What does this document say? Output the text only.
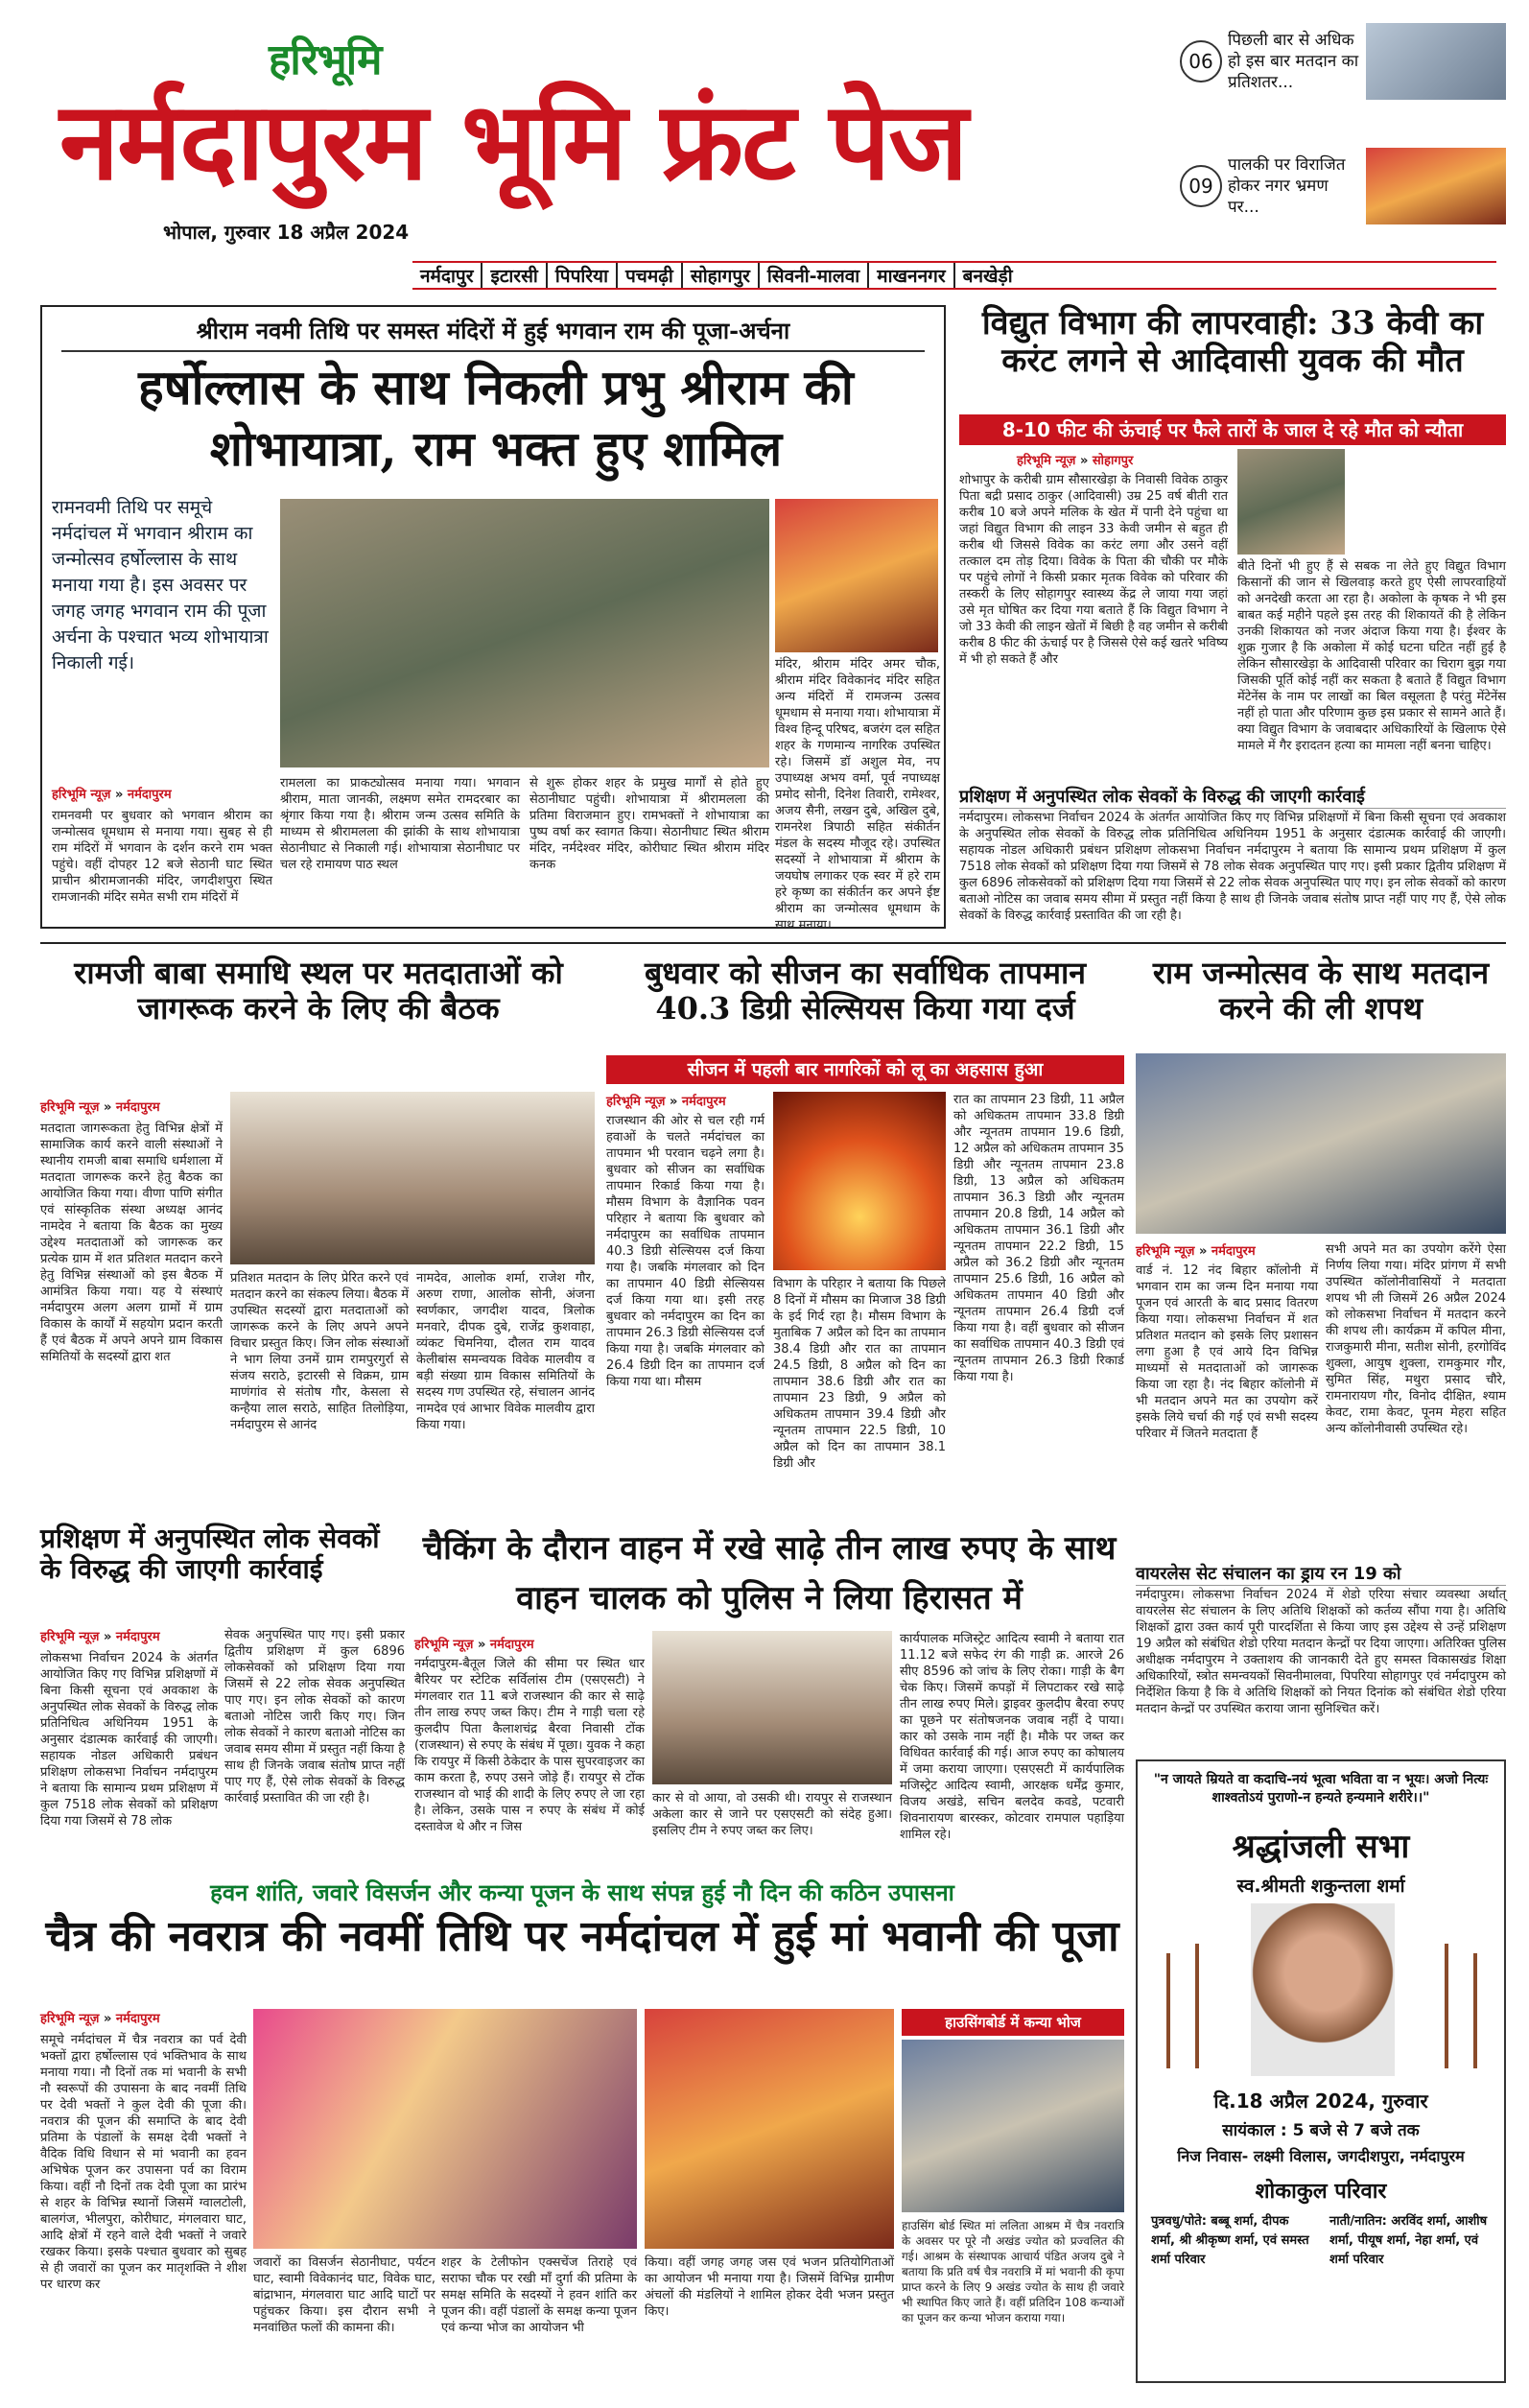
हरिभूमि
नर्मदापुरम भूमि फ्रंट पेज
भोपाल, गुरुवार 18 अप्रैल 2024
नर्मदापुर इटारसी पिपरिया पचमढ़ी सोहागपुर सिवनी-मालवा माखननगर बनखेड़ी
06
पिछली बार से अधिक हो इस बार मतदान का प्रतिशतर...
09
पालकी पर विराजित होकर नगर भ्रमण पर...
श्रीराम नवमी तिथि पर समस्त मंदिरों में हुई भगवान राम की पूजा-अर्चना
हर्षोल्लास के साथ निकली प्रभु श्रीराम की शोभायात्रा, राम भक्त हुए शामिल
रामनवमी तिथि पर समूचे नर्मदांचल में भगवान श्रीराम का जन्मोत्सव हर्षोल्लास के साथ मनाया गया है। इस अवसर पर जगह जगह भगवान राम की पूजा अर्चना के पश्चात भव्य शोभायात्रा निकाली गई।
हरिभूमि न्यूज़ » नर्मदापुरम
रामनवमी पर बुधवार को भगवान श्रीराम का जन्मोत्सव धूमधाम से मनाया गया। सुबह से ही राम मंदिरों में भगवान के दर्शन करने राम भक्त पहुंचे। वहीं दोपहर 12 बजे सेठानी घाट स्थित प्राचीन श्रीरामजानकी मंदिर, जगदीशपुरा स्थित रामजानकी मंदिर समेत सभी राम मंदिरों में
रामलला का प्राकट्योत्सव मनाया गया। भगवान श्रीराम, माता जानकी, लक्ष्मण समेत रामदरबार का श्रृंगार किया गया है। श्रीराम जन्म उत्सव समिति के माध्यम से श्रीरामलला की झांकी के साथ शोभायात्रा सेठानीघाट से निकाली गई। शोभायात्रा सेठानीघाट पर चल रहे रामायण पाठ स्थल
से शुरू होकर शहर के प्रमुख मार्गों से होते हुए सेठानीघाट पहुंची। शोभायात्रा में श्रीरामलला की प्रतिमा विराजमान हुए। रामभक्तों ने शोभायात्रा का पुष्प वर्षा कर स्वागत किया। सेठानीघाट स्थित श्रीराम मंदिर, नर्मदेश्वर मंदिर, कोरीघाट स्थित श्रीराम मंदिर कनक
मंदिर, श्रीराम मंदिर अमर चौक, श्रीराम मंदिर विवेकानंद मंदिर सहित अन्य मंदिरों में रामजन्म उत्सव धूमधाम से मनाया गया। शोभायात्रा में विश्व हिन्दू परिषद, बजरंग दल सहित शहर के गणमान्य नागरिक उपस्थित रहे। जिसमें डॉ अशुल मेव, नप उपाध्यक्ष अभय वर्मा, पूर्व नपाध्यक्ष प्रमोद सोनी, दिनेश तिवारी, रामेश्वर, अजय सैनी, लखन दुबे, अखिल दुबे, रामनरेश त्रिपाठी सहित संकीर्तन मंडल के सदस्य मौजूद रहे। उपस्थित सदस्यों ने शोभायात्रा में श्रीराम के जयघोष लगाकर एक स्वर में हरे राम हरे कृष्ण का संकीर्तन कर अपने ईष्ट श्रीराम का जन्मोत्सव धूमधाम के साथ मनाया।
विद्युत विभाग की लापरवाही: 33 केवी का करंट लगने से आदिवासी युवक की मौत
8-10 फीट की ऊंचाई पर फैले तारों के जाल दे रहे मौत को न्यौता
हरिभूमि न्यूज़ » सोहागपुर
शोभापुर के करीबी ग्राम सौसारखेड़ा के निवासी विवेक ठाकुर पिता बद्री प्रसाद ठाकुर (आदिवासी) उम्र 25 वर्ष बीती रात करीब 10 बजे अपने मलिक के खेत में पानी देने पहुंचा था जहां विद्युत विभाग की लाइन 33 केवी जमीन से बहुत ही करीब थी जिससे विवेक का करंट लगा और उसने वहीं तत्काल दम तोड़ दिया। विवेक के पिता की चौकी पर मौके पर पहुंचे लोगों ने किसी प्रकार मृतक विवेक को परिवार की तस्करी के लिए सोहागपुर स्वास्थ्य केंद्र ले जाया गया जहां उसे मृत घोषित कर दिया गया बताते हैं कि विद्युत विभाग ने जो 33 केवी की लाइन खेतों में बिछी है वह जमीन से करीबी करीब 8 फीट की ऊंचाई पर है जिससे ऐसे कई खतरे भविष्य में भी हो सकते हैं और
बीते दिनों भी हुए हैं से सबक ना लेते हुए विद्युत विभाग किसानों की जान से खिलवाड़ करते हुए ऐसी लापरवाहियों को अनदेखी करता आ रहा है। अकोला के कृषक ने भी इस बाबत कई महीने पहले इस तरह की शिकायतें की है लेकिन उनकी शिकायत को नजर अंदाज किया गया है। ईश्वर के शुक्र गुजार है कि अकोला में कोई घटना घटित नहीं हुई है लेकिन सौसारखेड़ा के आदिवासी परिवार का चिराग बुझ गया जिसकी पूर्ति कोई नहीं कर सकता है बताते हैं विद्युत विभाग मेंटेनेंस के नाम पर लाखों का बिल वसूलता है परंतु मेंटेनेंस नहीं हो पाता और परिणाम कुछ इस प्रकार से सामने आते हैं। क्या विद्युत विभाग के जवाबदार अधिकारियों के खिलाफ ऐसे मामले में गैर इरादतन हत्या का मामला नहीं बनना चाहिए।
प्रशिक्षण में अनुपस्थित लोक सेवकों के विरुद्ध की जाएगी कार्रवाई
नर्मदापुरम। लोकसभा निर्वाचन 2024 के अंतर्गत आयोजित किए गए विभिन्न प्रशिक्षणों में बिना किसी सूचना एवं अवकाश के अनुपस्थित लोक सेवकों के विरुद्ध लोक प्रतिनिधित्व अधिनियम 1951 के अनुसार दंडात्मक कार्रवाई की जाएगी। सहायक नोडल अधिकारी प्रबंधन प्रशिक्षण लोकसभा निर्वाचन नर्मदापुरम ने बताया कि सामान्य प्रथम प्रशिक्षण में कुल 7518 लोक सेवकों को प्रशिक्षण दिया गया जिसमें से 78 लोक सेवक अनुपस्थित पाए गए। इसी प्रकार द्वितीय प्रशिक्षण में कुल 6896 लोकसेवकों को प्रशिक्षण दिया गया जिसमें से 22 लोक सेवक अनुपस्थित पाए गए। इन लोक सेवकों को कारण बताओ नोटिस का जवाब समय सीमा में प्रस्तुत नहीं किया है साथ ही जिनके जवाब संतोष प्राप्त नहीं पाए गए हैं, ऐसे लोक सेवकों के विरुद्ध कार्रवाई प्रस्तावित की जा रही है।
रामजी बाबा समाधि स्थल पर मतदाताओं को जागरूक करने के लिए की बैठक
हरिभूमि न्यूज़ » नर्मदापुरम
मतदाता जागरूकता हेतु विभिन्न क्षेत्रों में सामाजिक कार्य करने वाली संस्थाओं ने स्थानीय रामजी बाबा समाधि धर्मशाला में मतदाता जागरूक करने हेतु बैठक का आयोजित किया गया। वीणा पाणि संगीत एवं सांस्कृतिक संस्था अध्यक्ष आनंद नामदेव ने बताया कि बैठक का मुख्य उद्देश्य मतदाताओं को जागरूक कर प्रत्येक ग्राम में शत प्रतिशत मतदान करने हेतु विभिन्न संस्थाओं को इस बैठक में आमंत्रित किया गया। यह ये संस्थाएं नर्मदापुरम अलग अलग ग्रामों में ग्राम विकास के कार्यों में सहयोग प्रदान करती हैं एवं बैठक में अपने अपने ग्राम विकास समितियों के सदस्यों द्वारा शत
प्रतिशत मतदान के लिए प्रेरित करने एवं मतदान करने का संकल्प लिया। बैठक में उपस्थित सदस्यों द्वारा मतदाताओं को जागरूक करने के लिए अपने अपने विचार प्रस्तुत किए। जिन लोक संस्थाओं ने भाग लिया उनमें ग्राम रामपुरगुर्रा से संजय सराठे, इटारसी से विक्रम, ग्राम माणंगांव से संतोष गौर, केसला से कन्हैया लाल सराठे, साहित तिलोड़िया, नर्मदापुरम से आनंद
नामदेव, आलोक शर्मा, राजेश गौर, अरुण राणा, आलोक सोनी, अंजना स्वर्णकार, जगदीश यादव, त्रिलोक मनवारे, दीपक दुबे, राजेंद्र कुशवाहा, व्यंकट चिमनिया, दौलत राम यादव केलीबांस समन्वयक विवेक मालवीय व बड़ी संख्या ग्राम विकास समितियों के सदस्य गण उपस्थित रहे, संचालन आनंद नामदेव एवं आभार विवेक मालवीय द्वारा किया गया।
बुधवार को सीजन का सर्वाधिक तापमान 40.3 डिग्री सेल्सियस किया गया दर्ज
सीजन में पहली बार नागरिकों को लू का अहसास हुआ
हरिभूमि न्यूज़ » नर्मदापुरम
राजस्थान की ओर से चल रही गर्म हवाओं के चलते नर्मदांचल का तापमान भी परवान चढ़ने लगा है। बुधवार को सीजन का सर्वाधिक तापमान रिकार्ड किया गया है। मौसम विभाग के वैज्ञानिक पवन परिहार ने बताया कि बुधवार को नर्मदापुरम का सर्वाधिक तापमान 40.3 डिग्री सेल्सियस दर्ज किया गया है। जबकि मंगलवार को दिन का तापमान 40 डिग्री सेल्सियस दर्ज किया गया था। इसी तरह बुधवार को नर्मदापुरम का दिन का तापमान 26.3 डिग्री सेल्सियस दर्ज किया गया है। जबकि मंगलवार को 26.4 डिग्री दिन का तापमान दर्ज किया गया था। मौसम
विभाग के परिहार ने बताया कि पिछले 8 दिनों में मौसम का मिजाज 38 डिग्री के इर्द गिर्द रहा है। मौसम विभाग के मुताबिक 7 अप्रैल को दिन का तापमान 38.4 डिग्री और रात का तापमान 24.5 डिग्री, 8 अप्रैल को दिन का तापमान 38.6 डिग्री और रात का तापमान 23 डिग्री, 9 अप्रैल को अधिकतम तापमान 39.4 डिग्री और न्यूनतम तापमान 22.5 डिग्री, 10 अप्रैल को दिन का तापमान 38.1 डिग्री और
रात का तापमान 23 डिग्री, 11 अप्रैल को अधिकतम तापमान 33.8 डिग्री और न्यूनतम तापमान 19.6 डिग्री, 12 अप्रैल को अधिकतम तापमान 35 डिग्री और न्यूनतम तापमान 23.8 डिग्री, 13 अप्रैल को अधिकतम तापमान 36.3 डिग्री और न्यूनतम तापमान 20.8 डिग्री, 14 अप्रैल को अधिकतम तापमान 36.1 डिग्री और न्यूनतम तापमान 22.2 डिग्री, 15 अप्रैल को 36.2 डिग्री और न्यूनतम तापमान 25.6 डिग्री, 16 अप्रैल को अधिकतम तापमान 40 डिग्री और न्यूनतम तापमान 26.4 डिग्री दर्ज किया गया है। वहीं बुधवार को सीजन का सर्वाधिक तापमान 40.3 डिग्री एवं न्यूनतम तापमान 26.3 डिग्री रिकार्ड किया गया है।
राम जन्मोत्सव के साथ मतदान करने की ली शपथ
हरिभूमि न्यूज़ » नर्मदापुरम
वार्ड नं. 12 नंद बिहार कॉलोनी में भगवान राम का जन्म दिन मनाया गया पूजन एवं आरती के बाद प्रसाद वितरण किया गया। लोकसभा निर्वाचन में शत प्रतिशत मतदान को इसके लिए प्रशासन लगा हुआ है एवं आये दिन विभिन्न माध्यमों से मतदाताओं को जागरूक किया जा रहा है। नंद बिहार कॉलोनी में भी मतदान अपने मत का उपयोग करें इसके लिये चर्चा की गई एवं सभी सदस्य परिवार में जितने मतदाता हैं
सभी अपने मत का उपयोग करेंगे ऐसा निर्णय लिया गया। मंदिर प्रांगण में सभी उपस्थित कॉलोनीवासियों ने मतदाता शपथ भी ली जिसमें 26 अप्रैल 2024 को लोकसभा निर्वाचन में मतदान करने की शपथ ली। कार्यक्रम में कपिल मीना, राजकुमारी मीना, सतीश सोनी, हरगोविंद शुक्ला, आयुष शुक्ला, रामकुमार गौर, सुमित सिंह, मथुरा प्रसाद चौरे, रामनारायण गौर, विनोद दीक्षित, श्याम केवट, रामा केवट, पूनम मेहरा सहित अन्य कॉलोनीवासी उपस्थित रहे।
प्रशिक्षण में अनुपस्थित लोक सेवकों के विरुद्ध की जाएगी कार्रवाई
हरिभूमि न्यूज़ » नर्मदापुरम
लोकसभा निर्वाचन 2024 के अंतर्गत आयोजित किए गए विभिन्न प्रशिक्षणों में बिना किसी सूचना एवं अवकाश के अनुपस्थित लोक सेवकों के विरुद्ध लोक प्रतिनिधित्व अधिनियम 1951 के अनुसार दंडात्मक कार्रवाई की जाएगी। सहायक नोडल अधिकारी प्रबंधन प्रशिक्षण लोकसभा निर्वाचन नर्मदापुरम ने बताया कि सामान्य प्रथम प्रशिक्षण में कुल 7518 लोक सेवकों को प्रशिक्षण दिया गया जिसमें से 78 लोक
सेवक अनुपस्थित पाए गए। इसी प्रकार द्वितीय प्रशिक्षण में कुल 6896 लोकसेवकों को प्रशिक्षण दिया गया जिसमें से 22 लोक सेवक अनुपस्थित पाए गए। इन लोक सेवकों को कारण बताओ नोटिस जारी किए गए। जिन लोक सेवकों ने कारण बताओ नोटिस का जवाब समय सीमा में प्रस्तुत नहीं किया है साथ ही जिनके जवाब संतोष प्राप्त नहीं पाए गए हैं, ऐसे लोक सेवकों के विरुद्ध कार्रवाई प्रस्तावित की जा रही है।
चैकिंग के दौरान वाहन में रखे साढ़े तीन लाख रुपए के साथ वाहन चालक को पुलिस ने लिया हिरासत में
हरिभूमि न्यूज़ » नर्मदापुरम
नर्मदापुरम-बैतूल जिले की सीमा पर स्थित धार बैरियर पर स्टेटिक सर्विलांस टीम (एसएसटी) ने मंगलवार रात 11 बजे राजस्थान की कार से साढ़े तीन लाख रुपए जब्त किए। टीम ने गाड़ी चला रहे कुलदीप पिता कैलाशचंद्र बैरवा निवासी टोंक (राजस्थान) से रुपए के संबंध में पूछा। युवक ने कहा कि रायपुर में किसी ठेकेदार के पास सुपरवाइजर का काम करता है, रुपए उसने जोड़े हैं। रायपुर से टोंक राजस्थान वो भाई की शादी के लिए रुपए ले जा रहा है। लेकिन, उसके पास न रुपए के संबंध में कोई दस्तावेज थे और न जिस
कार से वो आया, वो उसकी थी। रायपुर से राजस्थान अकेला कार से जाने पर एसएसटी को संदेह हुआ। इसलिए टीम ने रुपए जब्त कर लिए।
कार्यपालक मजिस्ट्रेट आदित्य स्वामी ने बताया रात 11.12 बजे सफेद रंग की गाड़ी क्र. आरजे 26 सीए 8596 को जांच के लिए रोका। गाड़ी के बैग चेक किए। जिसमें कपड़ों में लिपटाकर रखे साढ़े तीन लाख रुपए मिले। ड्राइवर कुलदीप बैरवा रुपए का पूछने पर संतोषजनक जवाब नहीं दे पाया। कार को उसके नाम नहीं है। मौके पर जब्त कर विधिवत कार्रवाई की गई। आज रुपए का कोषालय में जमा कराया जाएगा। एसएसटी में कार्यपालिक मजिस्ट्रेट आदित्य स्वामी, आरक्षक धर्मेंद्र कुमार, विजय अखंडे, सचिन बलदेव कवडे, पटवारी शिवनारायण बारस्कर, कोटवार रामपाल पहाड़िया शामिल रहे।
वायरलेस सेट संचालन का ड्राय रन 19 को
नर्मदापुरम। लोकसभा निर्वाचन 2024 में शेडो एरिया संचार व्यवस्था अर्थात् वायरलेस सेट संचालन के लिए अतिथि शिक्षकों को कर्तव्य सौंपा गया है। अतिथि शिक्षकों द्वारा उक्त कार्य पूरी पारदर्शिता से किया जाए इस उद्देश्य से उन्हें प्रशिक्षण 19 अप्रैल को संबंधित शेडो एरिया मतदान केन्द्रों पर दिया जाएगा। अतिरिक्त पुलिस अधीक्षक नर्मदापुरम ने उक्ताशय की जानकारी देते हुए समस्त विकासखंड शिक्षा अधिकारियों, स्त्रोत समन्वयकों सिवनीमालवा, पिपरिया सोहागपुर एवं नर्मदापुरम को निर्देशित किया है कि वे अतिथि शिक्षकों को नियत दिनांक को संबंधित शेडो एरिया मतदान केन्द्रों पर उपस्थित कराया जाना सुनिश्चित करें।
"न जायते म्रियते वा कदाचि-नयं भूत्वा भविता वा न भूयः। अजो नित्यः शाश्वतोऽयं पुराणो-न हन्यते हन्यमाने शरीरे।।"
श्रद्धांजली सभा
स्व.श्रीमती शकुन्तला शर्मा
दि.18 अप्रैल 2024, गुरुवार
सायंकाल : 5 बजे से 7 बजे तक
निज निवास- लक्ष्मी विलास, जगदीशपुरा, नर्मदापुरम
शोकाकुल परिवार
पुत्रवधु/पोते: बब्बू शर्मा, दीपक शर्मा, श्री श्रीकृष्ण शर्मा, एवं समस्त शर्मा परिवार
नाती/नातिन: अरविंद शर्मा, आशीष शर्मा, पीयूष शर्मा, नेहा शर्मा, एवं शर्मा परिवार
हवन शांति, जवारे विसर्जन और कन्या पूजन के साथ संपन्न हुई नौ दिन की कठिन उपासना
चैत्र की नवरात्र की नवमीं तिथि पर नर्मदांचल में हुई मां भवानी की पूजा
हरिभूमि न्यूज़ » नर्मदापुरम
समूचे नर्मदांचल में चैत्र नवरात्र का पर्व देवी भक्तों द्वारा हर्षोल्लास एवं भक्तिभाव के साथ मनाया गया। नौ दिनों तक मां भवानी के सभी नौ स्वरूपों की उपासना के बाद नवमीं तिथि पर देवी भक्तों ने कुल देवी की पूजा की। नवरात्र की पूजन की समाप्ति के बाद देवी प्रतिमा के पंडालों के समक्ष देवी भक्तों ने वैदिक विधि विधान से मां भवानी का हवन अभिषेक पूजन कर उपासना पर्व का विराम किया। वहीं नौ दिनों तक देवी पूजा का प्रारंभ से शहर के विभिन्न स्थानों जिसमें ग्वालटोली, बालगंज, भीलपुरा, कोरीघाट, मंगलवारा घाट, आदि क्षेत्रों में रहने वाले देवी भक्तों ने जवारे रखकर किया। इसके पश्चात बुधवार को सुबह से ही जवारों का पूजन कर मातृशक्ति ने शीश पर धारण कर
जवारों का विसर्जन सेठानीघाट, पर्यटन घाट, स्वामी विवेकानंद घाट, विवेक घाट, बांद्राभान, मंगलवारा घाट आदि घाटों पर पहुंचकर किया। इस दौरान सभी ने मनवांछित फलों की कामना की।
शहर के टेलीफोन एक्सचेंज तिराहे एवं सराफा चौक पर रखी माँ दुर्गा की प्रतिमा के समक्ष समिति के सदस्यों ने हवन शांति कर पूजन की। वहीं पंडालों के समक्ष कन्या पूजन एवं कन्या भोज का आयोजन भी
किया। वहीं जगह जगह जस एवं भजन प्रतियोगिताओं का आयोजन भी मनाया गया है। जिसमें विभिन्न ग्रामीण अंचलों की मंडलियों ने शामिल होकर देवी भजन प्रस्तुत किए।
हाउसिंगबोर्ड में कन्या भोज
हाउसिंग बोर्ड स्थित मां ललिता आश्रम में चैत्र नवरात्रि के अवसर पर पूरे नौ अखंड ज्योत को प्रज्वलित की गई। आश्रम के संस्थापक आचार्य पंडित अजय दुबे ने बताया कि प्रति वर्ष चैत्र नवरात्रि में मां भवानी की कृपा प्राप्त करने के लिए 9 अखंड ज्योत के साथ ही जवारे भी स्थापित किए जाते हैं। वहीं प्रतिदिन 108 कन्याओं का पूजन कर कन्या भोजन कराया गया।
